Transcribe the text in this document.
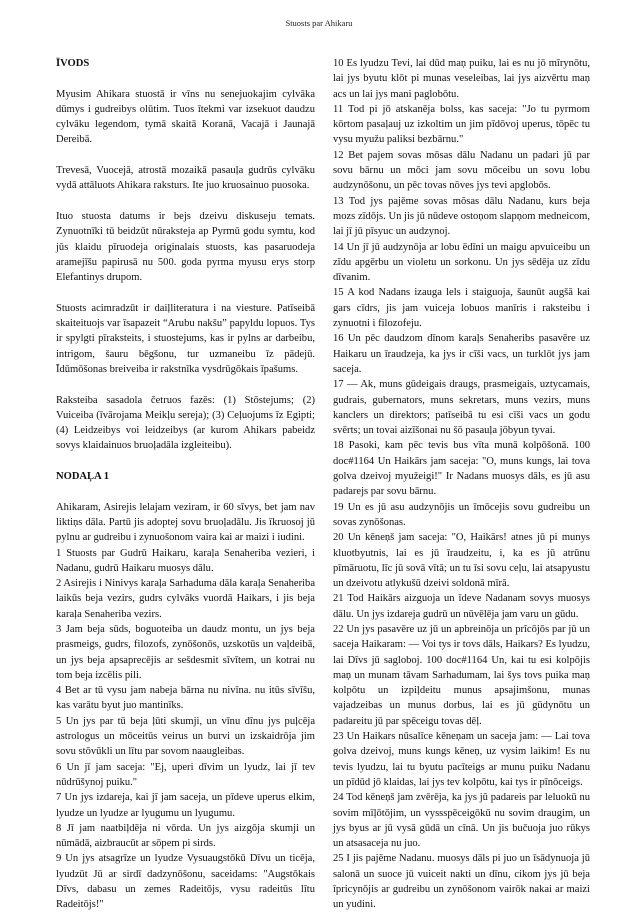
Stuosts par Ahikaru
ĪVODS

Myusim Ahikara stuostā ir vīns nu senejuokajim cylvāka dūmys i gudreibys olūtim. Tuos ītekmi var izsekuot daudzu cylvāku legendom, tymā skaitā Koranā, Vacajā i Jaunajā Dereibā.

Trevesā, Vuocejā, atrostā mozaikā pasauļa gudrūs cylvāku vydā attāluots Ahikara raksturs. Ite juo kruosainuo puosoka.

Ituo stuosta datums ir bejs dzeivu diskuseju temats. Zynuotnīki tū beidzūt nūraksteja ap Pyrmū godu symtu, kod jūs klaidu pīruodeja originalais stuosts, kas pasaruodeja aramejīšu papirusā nu 500. goda pyrma myusu erys storp Elefantinys drupom.

Stuosts acimradzūt ir daiļliteratura i na viesture. Patīseibā skaiteituojs var īsapazeit “Arubu nakšu” papyldu lopuos. Tys ir spylgti pīraksteits, i stuostejums, kas ir pylns ar darbeibu, intrigom, šauru bēgšonu, tur uzmaneibu īz pādejū. Īdūmōšonas breiveiba ir rakstnīka vysdrūgōkais īpašums.

Raksteiba sasadola četruos fazēs: (1) Stōstejums; (2) Vuiceiba (īvārojama Meikļu sereja); (3) Ceļuojums īz Egipti; (4) Leidzeibys voi leidzeibys (ar kurom Ahikars pabeidz sovys klaidainuos bruoļadāla izgleiteibu).

NODAĻA 1

Ahikaram, Asirejis lelajam veziram, ir 60 sīvys, bet jam nav liktiņs dāla. Partū jis adoptej sovu bruoļadālu. Jis īkruosoj jū pylnu ar gudreibu i zynuošonom vaira kai ar maizi i iudini.

1 Stuosts par Gudrū Haikaru, karaļa Senaheriba vezieri, i Nadanu, gudrū Haikaru muosys dālu.

2 Asirejis i Ninivys karaļa Sarhaduma dāla karaļa Senaheriba laikūs beja vezirs, gudrs cylvāks vuordā Haikars, i jis beja karaļa Senaheriba vezirs.

3 Jam beja sūds, boguoteiba un daudz montu, un jys beja prasmeigs, gudrs, filozofs, zynōšonōs, uzskotūs un vaļdeibā, un jys beja apsaprecējis ar sešdesmit sīvītem, un kotrai nu tom beja izcēlis pili.

4 Bet ar tū vysu jam nabeja bārna nu nivīna. nu itūs sīvīšu, kas varātu byut juo mantinīks.

5 Un jys par tū beja ļūti skumji, un vīnu dīnu jys puļcēja astrologus un mōceitūs veirus un burvi un izskaidrōja jim sovu stōvūkli un lītu par sovom naaugleibas.

6 Un jī jam saceja: "Ej, uperi dīvim un lyudz, lai jī tev nūdrūšynoj puiku."

7 Un jys izdareja, kai jī jam saceja, un pīdeve uperus elkim, lyudze un lyudze ar lyugumu un lyugumu.

8 Jī jam naatbiļdēja ni vōrda. Un jys aizgōja skumji un nūmādā, aizbraucūt ar sōpem pi sirds.

9 Un jys atsagrīze un lyudze Vysuaugstōkū Dīvu un ticēja, lyudzūt Jū ar sirdī dadzynōšonu, saceidams: "Augstōkais Dīvs, dabasu un zemes Radeitōjs, vysu radeitūs lītu Radeitōjs!"

10 Es lyudzu Tevi, lai dūd maņ puiku, lai es nu jō mīrynōtu, lai jys byutu klōt pi munas veseleibas, lai jys aizvērtu maņ acs un lai jys mani paglobōtu.

11 Tod pi jō atskanēja bolss, kas saceja: "Jo tu pyrmom kōrtom pasaļauj uz izkoltim un jim pīdōvoj uperus, tōpēc tu vysu myužu paliksi bezbārnu."

12 Bet pajem sovas mōsas dālu Nadanu un padari jū par sovu bārnu un mōci jam sovu mōceibu un sovu lobu audzynōšonu, un pēc tovas nōves jys tevi apglobōs.

13 Tod jys pajēme sovas mōsas dālu Nadanu, kurs beja mozs zīdōjs. Un jis jū nūdeve ostoņom slapņom medneicom, lai jī jū pīsyuc un audzynoj.

14 Un jī jū audzynōja ar lobu ēdīni un maigu apvuiceibu un zīdu apgērbu un violetu un sorkonu. Un jys sēdēja uz zīdu dīvanim.

15 A kod Nadans izauga lels i staiguoja, šaunūt augšā kai gars cīdrs, jis jam vuiceja lobuos manīris i raksteibu i zynuotni i filozofeju.

16 Un pēc daudzom dīnom karaļs Senaheribs pasavēre uz Haikaru un īraudzeja, ka jys ir cīši vacs, un turklōt jys jam saceja.

17 — Ak, muns gūdeigais draugs, prasmeigais, uztycamais, gudrais, gubernators, muns sekretars, muns vezirs, muns kanclers un direktors; patīseibā tu esi cīši vacs un godu svērts; un tovai aizīšonai nu šō pasauļa jōbyun tyvai.

18 Pasoki, kam pēc tevis bus vīta munā kolpōšonā. 100 doc#1164 Un Haikārs jam saceja: "O, muns kungs, lai tova golva dzeivoj myužeigi!" Ir Nadans muosys dāls, es jū asu padarejs par sovu bārnu.

19 Un es jū asu audzynōjis un īmōcejis sovu gudreibu un sovas zynōšonas.

20 Un kēneņš jam saceja: "O, Haikārs! atnes jū pi munys kluotbyutnis, lai es jū īraudzeitu, i, ka es jū atrūnu pīmāruotu, līc jū sovā vītā; un tu īsi sovu ceļu, lai atsapyustu un dzeivotu atlykušū dzeivi soldonā mīrā.

21 Tod Haikārs aizguoja un īdeve Nadanam sovys muosys dālu. Un jys izdareja gudrū un nūvēlēja jam varu un gūdu.

22 Un jys pasavēre uz jū un apbreinōja un prīcōjōs par jū un saceja Haikaram: — Voi tys ir tovs dāls, Haikars? Es lyudzu, lai Dīvs jū sagloboj. 100 doc#1164 Un, kai tu esi kolpōjis maņ un munam tāvam Sarhadumam, lai šys tovs puika maņ kolpōtu un izpiļdeitu munus apsajimšonu, munas vajadzeibas un munus dorbus, lai es jū gūdynōtu un padareitu jū par spēceigu tovas dēļ.

23 Un Haikars nūsalīce kēneņam un saceja jam: — Lai tova golva dzeivoj, muns kungs kēneņ, uz vysim laikim! Es nu tevis lyudzu, lai tu byutu pacīteigs ar munu puiku Nadanu un pīdūd jō klaidas, lai jys tev kolpōtu, kai tys ir pīnōceigs.

24 Tod kēneņš jam zvērēja, ka jys jū padareis par leluokū nu sovim mīļōtōjim, un vyssspēceigōkū nu sovim draugim, un jys byus ar jū vysā gūdā un cīnā. Un jis bučuoja juo rūkys un atsasaceja nu juo.

25 I jis pajēme Nadanu. muosys dāls pi juo un īsādynuoja jū salonā un suoce jū vuiceit nakti un dīnu, cikom jys jū beja īpricynōjis ar gudreibu un zynōšonom vairōk nakai ar maizi un yudini.
